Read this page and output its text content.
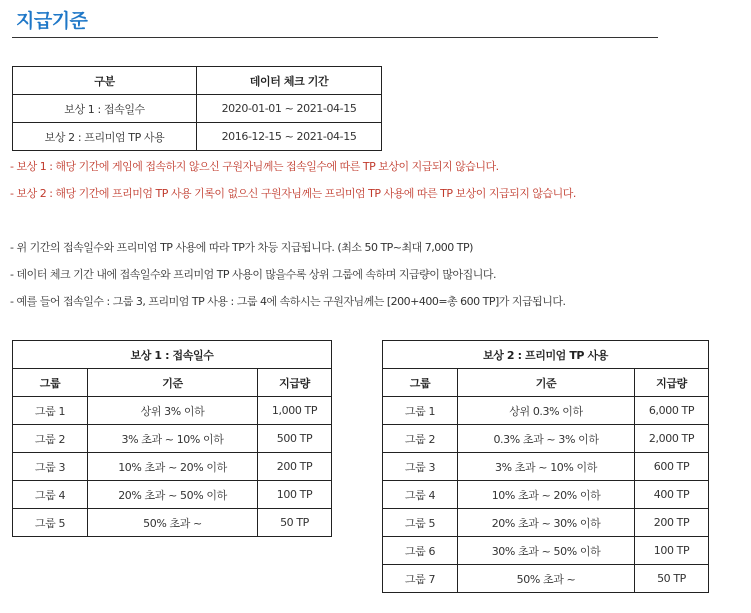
지급기준
구분	데이터 체크 기간
보상 1 : 접속일수	2020-01-01 ~ 2021-04-15
보상 2 : 프리미엄 TP 사용	2016-12-15 ~ 2021-04-15
- 보상 1 : 해당 기간에 게임에 접속하지 않으신 구원자님께는 접속일수에 따른 TP 보상이 지급되지 않습니다.
- 보상 2 : 해당 기간에 프리미엄 TP 사용 기록이 없으신 구원자님께는 프리미엄 TP 사용에 따른 TP 보상이 지급되지 않습니다.
- 위 기간의 접속일수와 프리미엄 TP 사용에 따라 TP가 차등 지급됩니다. (최소 50 TP~최대 7,000 TP)
- 데이터 체크 기간 내에 접속일수와 프리미엄 TP 사용이 많을수록 상위 그룹에 속하며 지급량이 많아집니다.
- 예를 들어 접속일수 : 그룹 3, 프리미엄 TP 사용 : 그룹 4에 속하시는 구원자님께는 [200+400=총 600 TP]가 지급됩니다.
보상 1 : 접속일수		
그룹	기준	지급량
그룹 1	상위 3% 이하	1,000 TP
그룹 2	3% 초과 ~ 10% 이하	500 TP
그룹 3	10% 초과 ~ 20% 이하	200 TP
그룹 4	20% 초과 ~ 50% 이하	100 TP
그룹 5	50% 초과 ~	50 TP
보상 2 : 프리미엄 TP 사용		
그룹	기준	지급량
그룹 1	상위 0.3% 이하	6,000 TP
그룹 2	0.3% 초과 ~ 3% 이하	2,000 TP
그룹 3	3% 초과 ~ 10% 이하	600 TP
그룹 4	10% 초과 ~ 20% 이하	400 TP
그룹 5	20% 초과 ~ 30% 이하	200 TP
그룹 6	30% 초과 ~ 50% 이하	100 TP
그룹 7	50% 초과 ~	50 TP
